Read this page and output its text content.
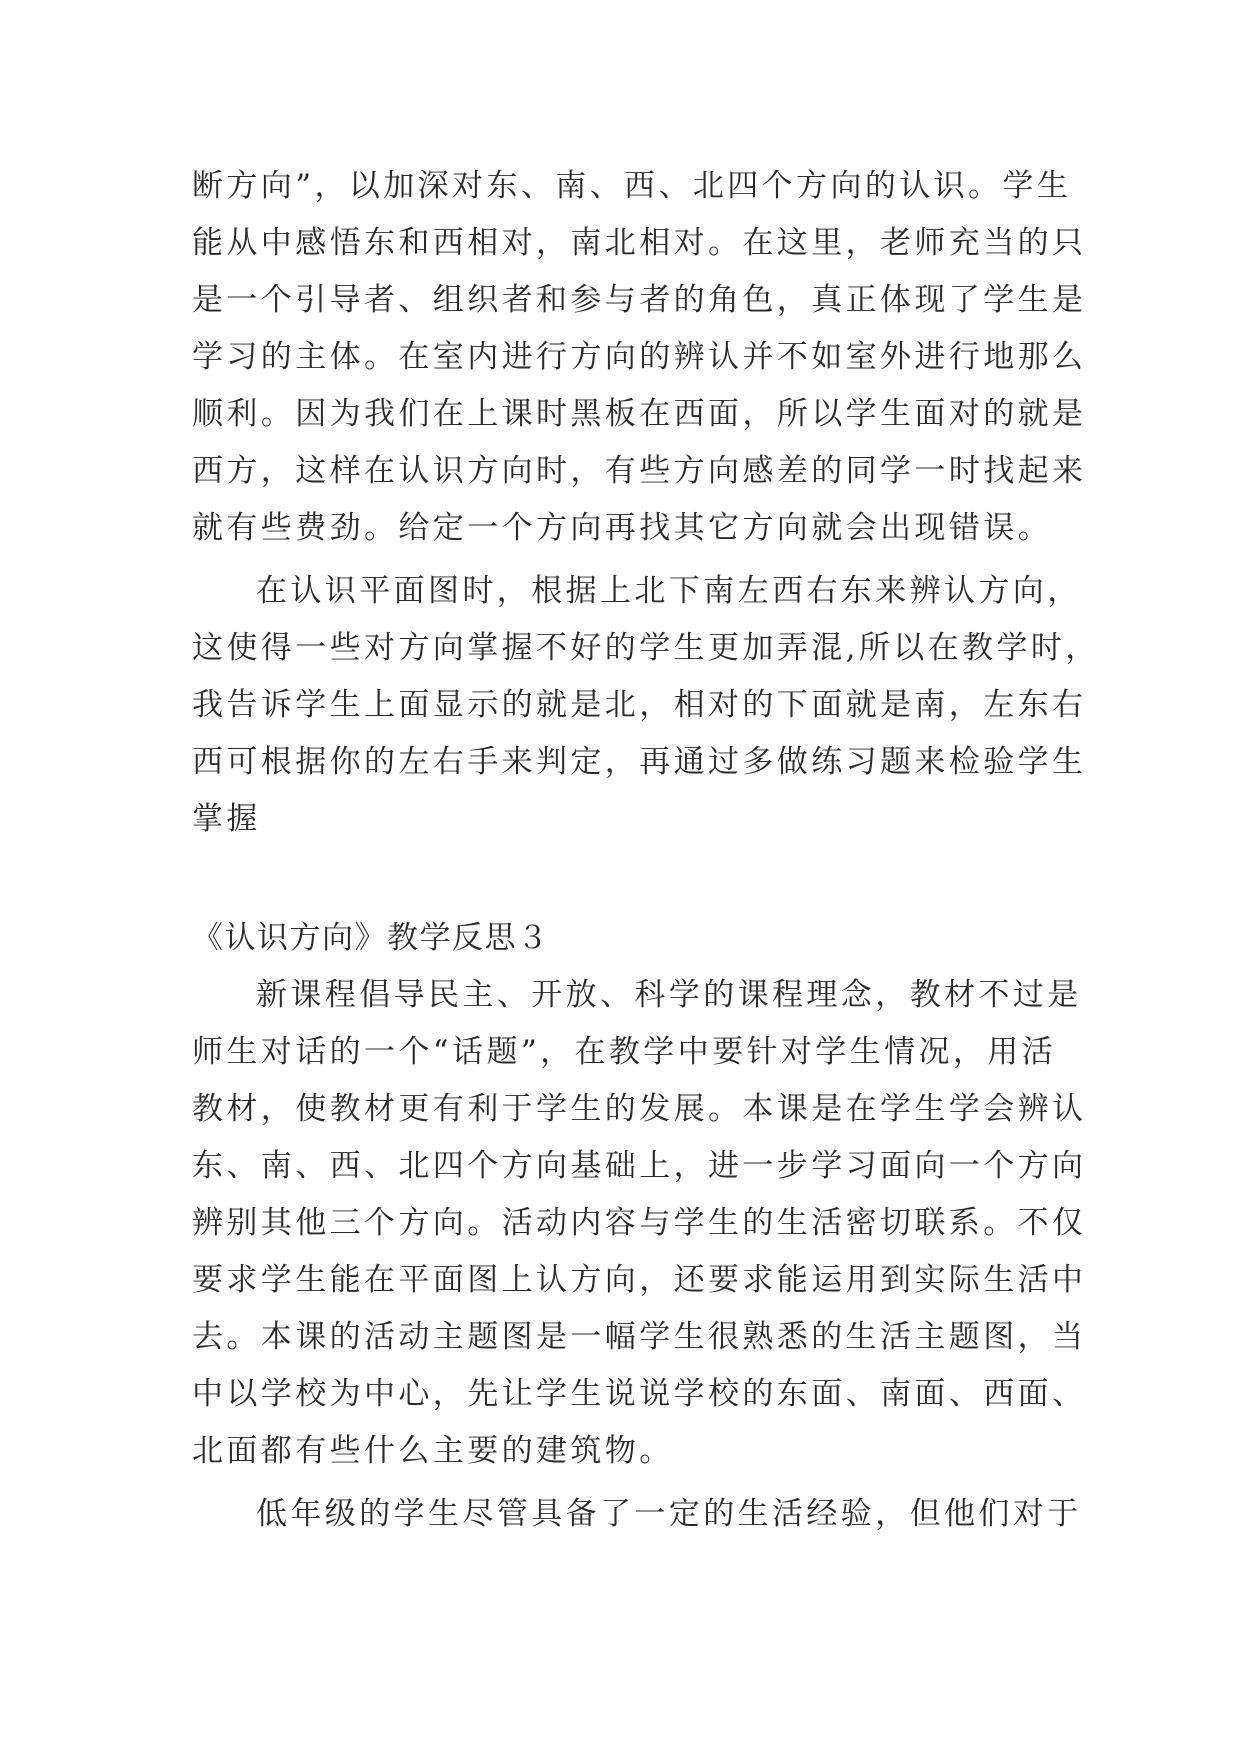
断方向”，以加深对东、南、西、北四个方向的认识。学生

能从中感悟东和西相对，南北相对。在这里，老师充当的只

是一个引导者、组织者和参与者的角色，真正体现了学生是

学习的主体。在室内进行方向的辨认并不如室外进行地那么

顺利。因为我们在上课时黑板在西面，所以学生面对的就是

西方，这样在认识方向时，有些方向感差的同学一时找起来

就有些费劲。给定一个方向再找其它方向就会出现错误。

在认识平面图时，根据上北下南左西右东来辨认方向，

这使得一些对方向掌握不好的学生更加弄混,所以在教学时，

我告诉学生上面显示的就是北，相对的下面就是南，左东右

西可根据你的左右手来判定，再通过多做练习题来检验学生

掌握

《认识方向》教学反思３

新课程倡导民主、开放、科学的课程理念，教材不过是

师生对话的一个“话题”，在教学中要针对学生情况，用活

教材，使教材更有利于学生的发展。本课是在学生学会辨认

东、南、西、北四个方向基础上，进一步学习面向一个方向

辨别其他三个方向。活动内容与学生的生活密切联系。不仅

要求学生能在平面图上认方向，还要求能运用到实际生活中

去。本课的活动主题图是一幅学生很熟悉的生活主题图，当

中以学校为中心，先让学生说说学校的东面、南面、西面、

北面都有些什么主要的建筑物。

低年级的学生尽管具备了一定的生活经验，但他们对于
